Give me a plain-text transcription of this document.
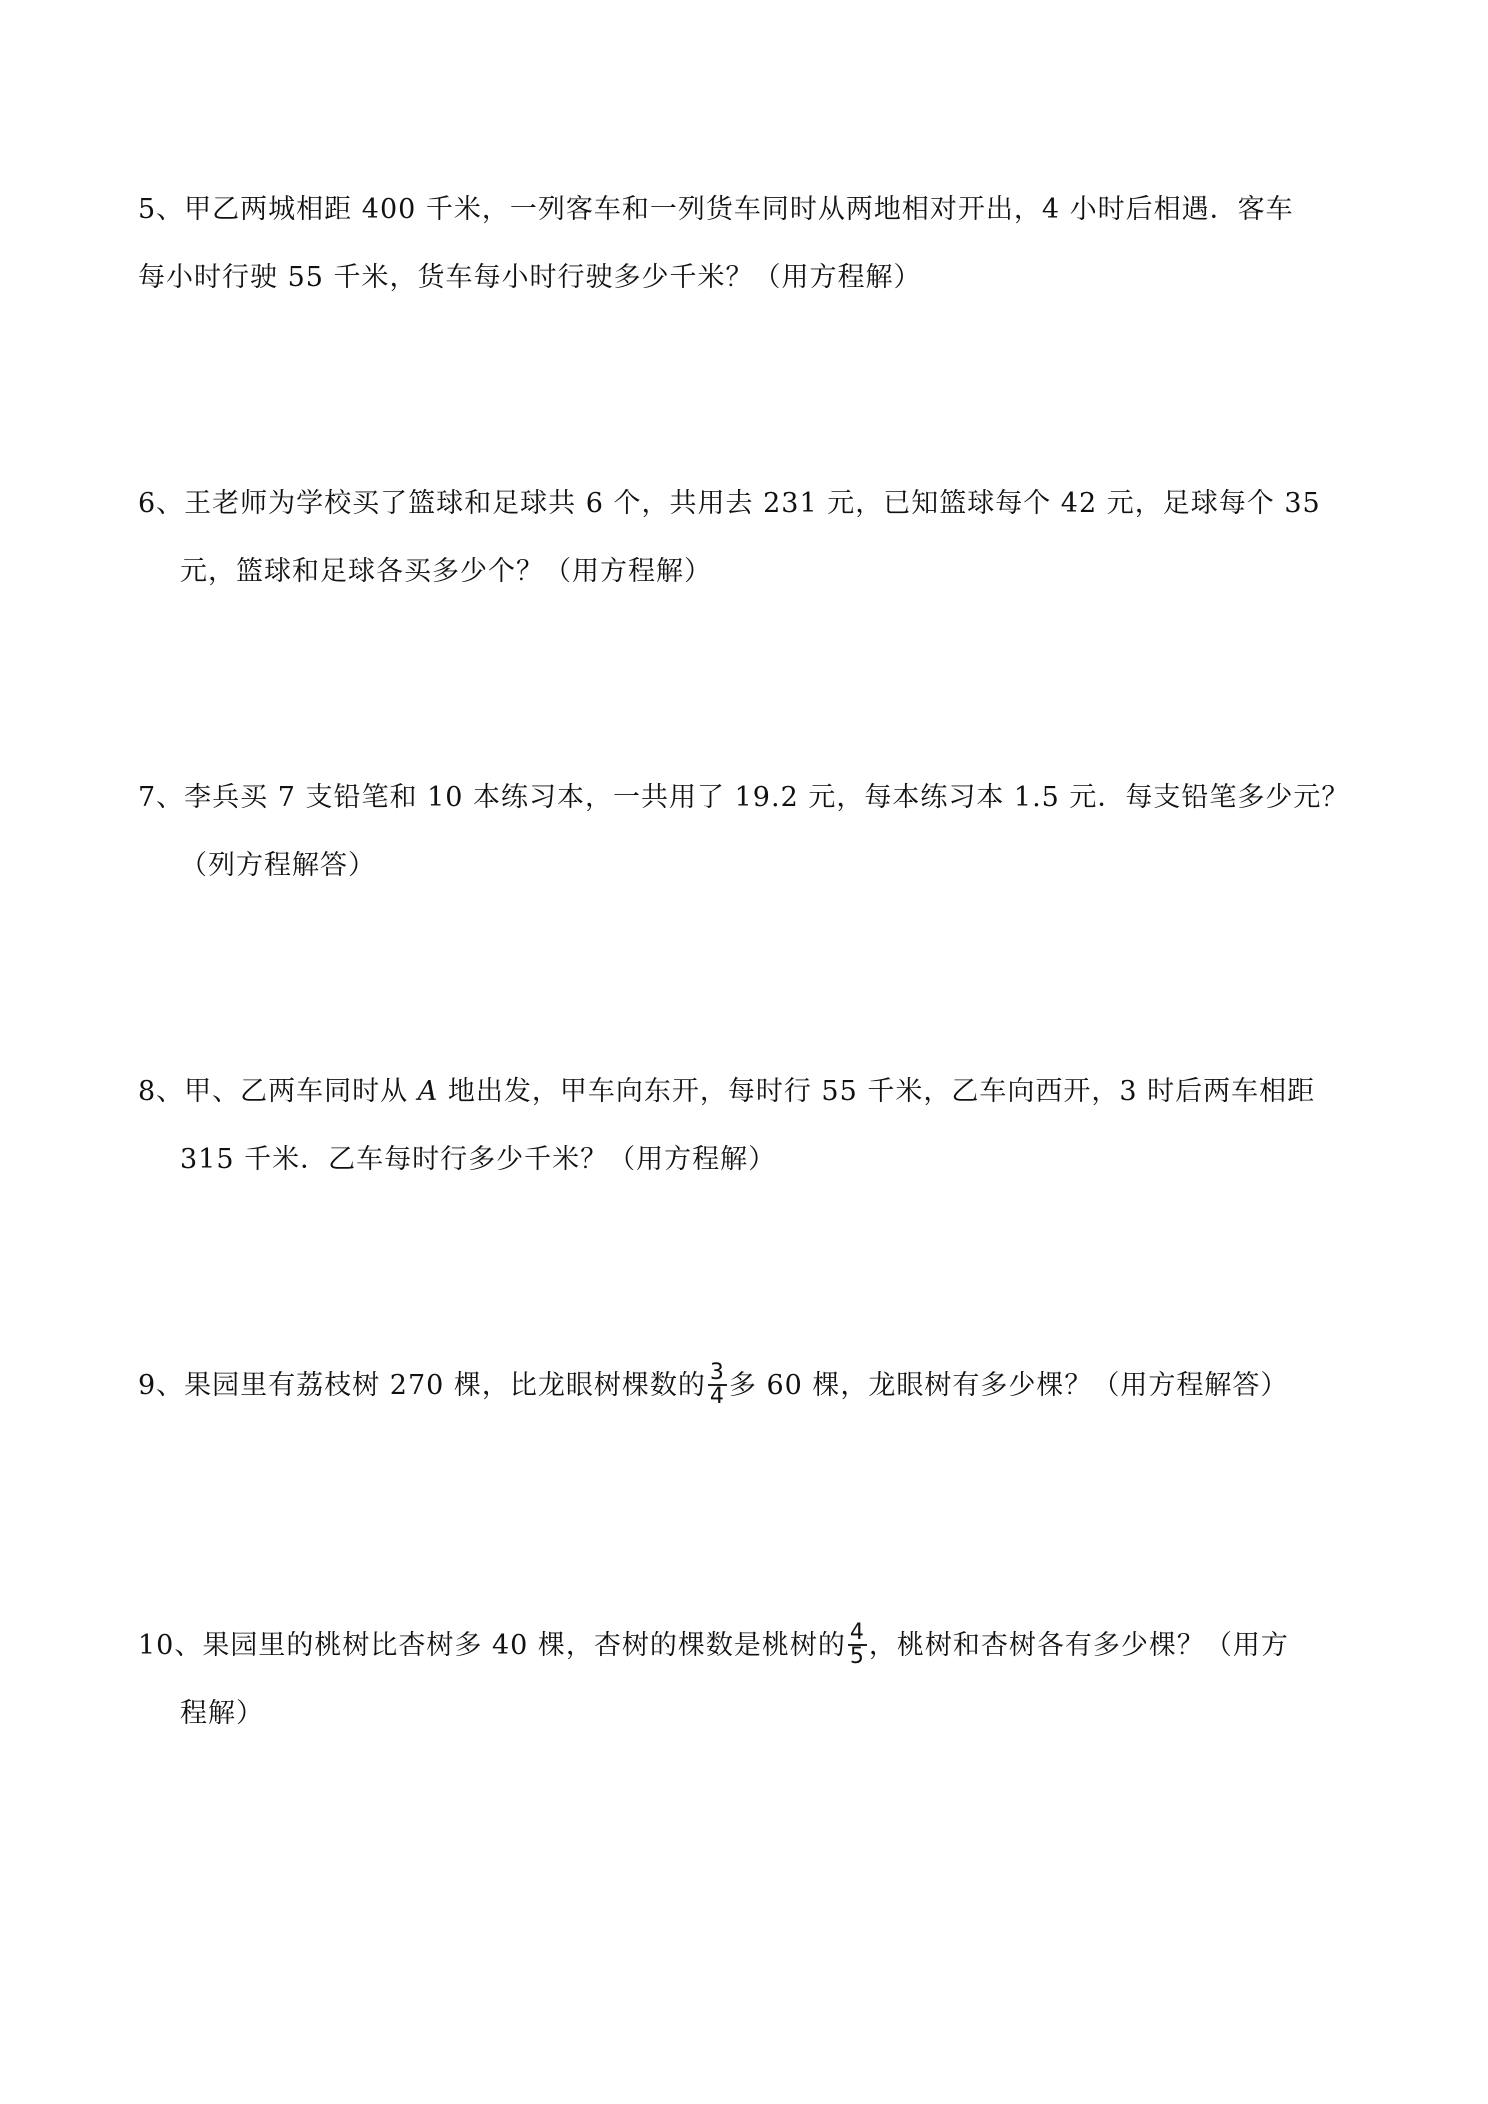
5、甲乙两城相距 400 千米，一列客车和一列货车同时从两地相对开出，4 小时后相遇．客车
每小时行驶 55 千米，货车每小时行驶多少千米？（用方程解）
6、王老师为学校买了篮球和足球共 6 个，共用去 231 元，已知篮球每个 42 元，足球每个 35
元，篮球和足球各买多少个？（用方程解）
7、李兵买 7 支铅笔和 10 本练习本，一共用了 19.2 元，每本练习本 1.5 元．每支铅笔多少元？
（列方程解答）
8、甲、乙两车同时从 A 地出发，甲车向东开，每时行 55 千米，乙车向西开，3 时后两车相距
315 千米．乙车每时行多少千米？（用方程解）
9、果园里有荔枝树 270 棵，比龙眼树棵数的 $\frac{3}{4}$ 多 60 棵，龙眼树有多少棵？（用方程解答）
10、果园里的桃树比杏树多 40 棵，杏树的棵数是桃树的 $\frac{4}{5}$ ，桃树和杏树各有多少棵？（用方
程解）
